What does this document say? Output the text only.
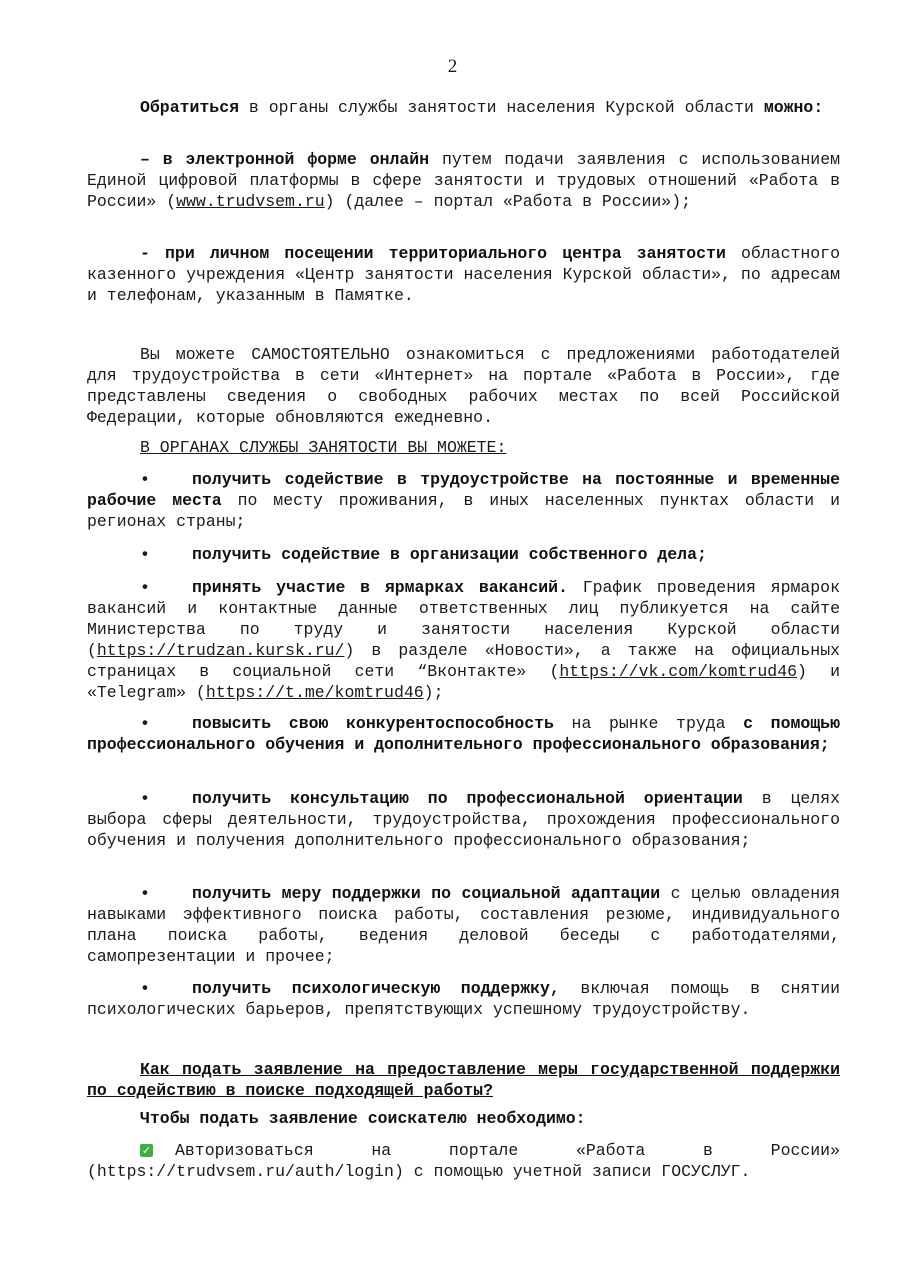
2

Обратиться в органы службы занятости населения Курской области можно:

– в электронной форме онлайн путем подачи заявления с использованием Единой цифровой платформы в сфере занятости и трудовых отношений «Работа в России» (www.trudvsem.ru) (далее – портал «Работа в России»);

- при личном посещении территориального центра занятости областного казенного учреждения «Центр занятости населения Курской области», по адресам и телефонам, указанным в Памятке.

Вы можете САМОСТОЯТЕЛЬНО ознакомиться с предложениями работодателей для трудоустройства в сети «Интернет» на портале «Работа в России», где представлены сведения о свободных рабочих местах по всей Российской Федерации, которые обновляются ежедневно.

В ОРГАНАХ СЛУЖБЫ ЗАНЯТОСТИ ВЫ МОЖЕТЕ:

•	получить содействие в трудоустройстве на постоянные и временные рабочие места по месту проживания, в иных населенных пунктах области и регионах страны;

•	получить содействие в организации собственного дела;

•	принять участие в ярмарках вакансий. График проведения ярмарок вакансий и контактные данные ответственных лиц публикуется на сайте Министерства по труду и занятости населения Курской области (https://trudzan.kursk.ru/) в разделе «Новости», а также на официальных страницах в социальной сети “Вконтакте» (https://vk.com/komtrud46) и «Telegram» (https://t.me/komtrud46);

•	повысить свою конкурентоспособность на рынке труда с помощью профессионального обучения и дополнительного профессионального образования;

•	получить консультацию по профессиональной ориентации в целях выбора сферы деятельности, трудоустройства, прохождения профессионального обучения и получения дополнительного профессионального образования;

•	получить меру поддержки по социальной адаптации с целью овладения навыками эффективного поиска работы, составления резюме, индивидуального плана поиска работы, ведения деловой беседы с работодателями, самопрезентации и прочее;

•	получить психологическую поддержку, включая помощь в снятии психологических барьеров, препятствующих успешному трудоустройству.

Как подать заявление на предоставление меры государственной поддержки по содействию в поиске подходящей работы?

Чтобы подать заявление соискателю необходимо:

✓ Авторизоваться на портале «Работа в России» (https://trudvsem.ru/auth/login) с помощью учетной записи ГОСУСЛУГ.
